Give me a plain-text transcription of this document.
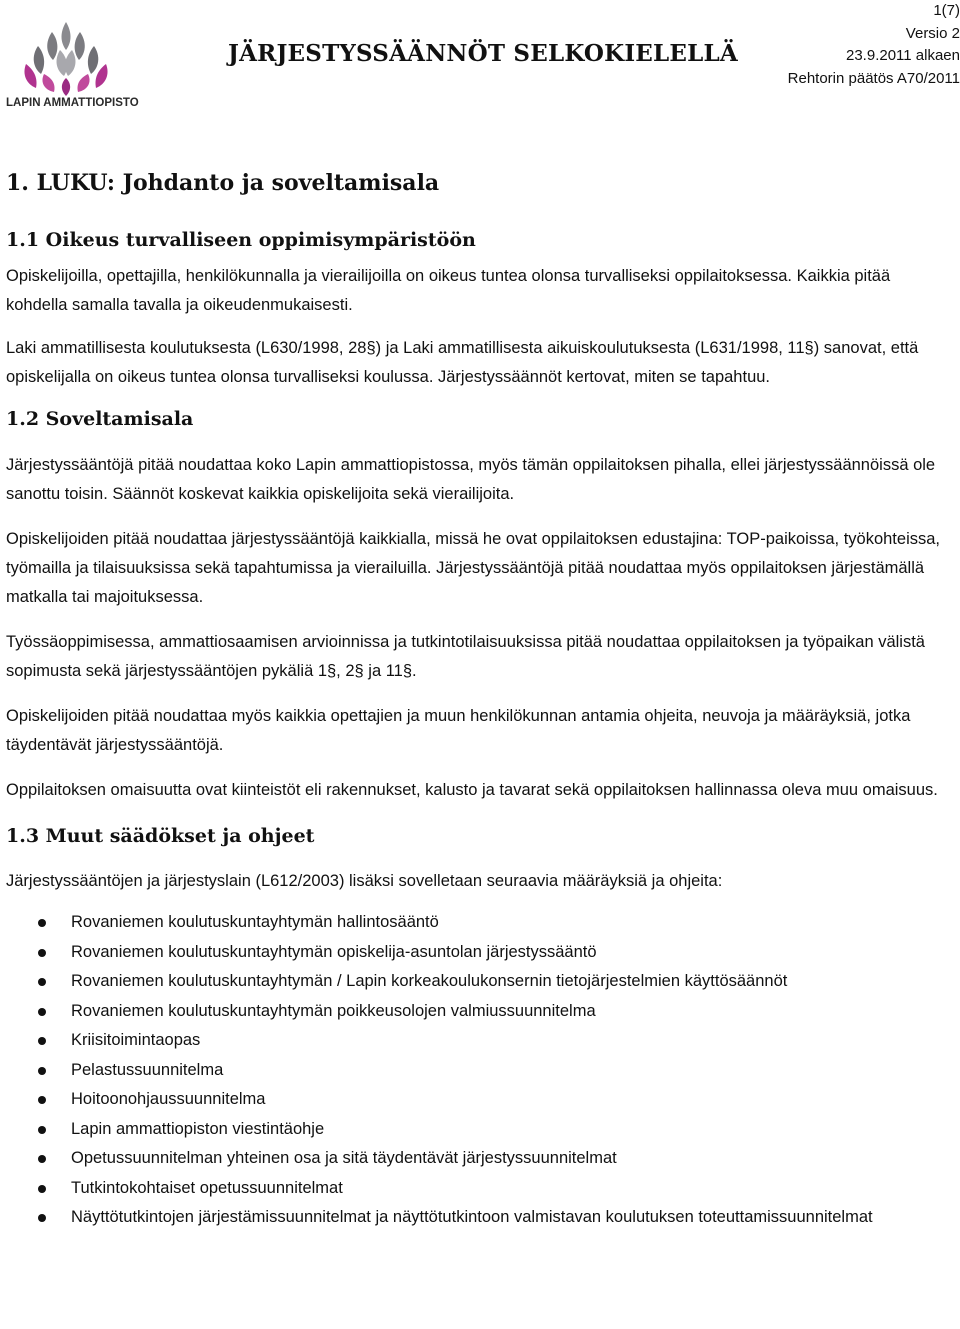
LAPIN AMMATTIOPISTO
JÄRJESTYSSÄÄNNÖT SELKOKIELELLÄ
1(7)
Versio 2
23.9.2011 alkaen
Rehtorin päätös A70/2011
1. LUKU: Johdanto ja soveltamisala
1.1 Oikeus turvalliseen oppimisympäristöön

Opiskelijoilla, opettajilla, henkilökunnalla ja vierailijoilla on oikeus tuntea olonsa turvalliseksi oppilaitoksessa. Kaikkia pitää kohdella samalla tavalla ja oikeudenmukaisesti.

Laki ammatillisesta koulutuksesta (L630/1998, 28§) ja Laki ammatillisesta aikuiskoulutuksesta (L631/1998, 11§) sanovat, että opiskelijalla on oikeus tuntea olonsa turvalliseksi koulussa. Järjestyssäännöt kertovat, miten se tapahtuu.

1.2 Soveltamisala

Järjestyssääntöjä pitää noudattaa koko Lapin ammattiopistossa, myös tämän oppilaitoksen pihalla, ellei järjestyssäännöissä ole sanottu toisin. Säännöt koskevat kaikkia opiskelijoita sekä vierailijoita.

Opiskelijoiden pitää noudattaa järjestyssääntöjä kaikkialla, missä he ovat oppilaitoksen edustajina: TOP-paikoissa, työkohteissa, työmailla ja tilaisuuksissa sekä tapahtumissa ja vierailuilla. Järjestyssääntöjä pitää noudattaa myös oppilaitoksen järjestämällä matkalla tai majoituksessa.

Työssäoppimisessa, ammattiosaamisen arvioinnissa ja tutkintotilaisuuksissa pitää noudattaa oppilaitoksen ja työpaikan välistä sopimusta sekä järjestyssääntöjen pykäliä 1§, 2§ ja 11§.

Opiskelijoiden pitää noudattaa myös kaikkia opettajien ja muun henkilökunnan antamia ohjeita, neuvoja ja määräyksiä, jotka täydentävät järjestyssääntöjä.

Oppilaitoksen omaisuutta ovat kiinteistöt eli rakennukset, kalusto ja tavarat sekä oppilaitoksen hallinnassa oleva muu omaisuus.

1.3 Muut säädökset ja ohjeet

Järjestyssääntöjen ja järjestyslain (L612/2003) lisäksi sovelletaan seuraavia määräyksiä ja ohjeita:

Rovaniemen koulutuskuntayhtymän hallintosääntö
Rovaniemen koulutuskuntayhtymän opiskelija-asuntolan järjestyssääntö
Rovaniemen koulutuskuntayhtymän / Lapin korkeakoulukonsernin tietojärjestelmien käyttösäännöt
Rovaniemen koulutuskuntayhtymän poikkeusolojen valmiussuunnitelma
Kriisitoimintaopas
Pelastussuunnitelma
Hoitoonohjaussuunnitelma
Lapin ammattiopiston viestintäohje
Opetussuunnitelman yhteinen osa ja sitä täydentävät järjestyssuunnitelmat
Tutkintokohtaiset opetussuunnitelmat
Näyttötutkintojen järjestämissuunnitelmat ja näyttötutkintoon valmistavan koulutuksen toteuttamissuunnitelmat
